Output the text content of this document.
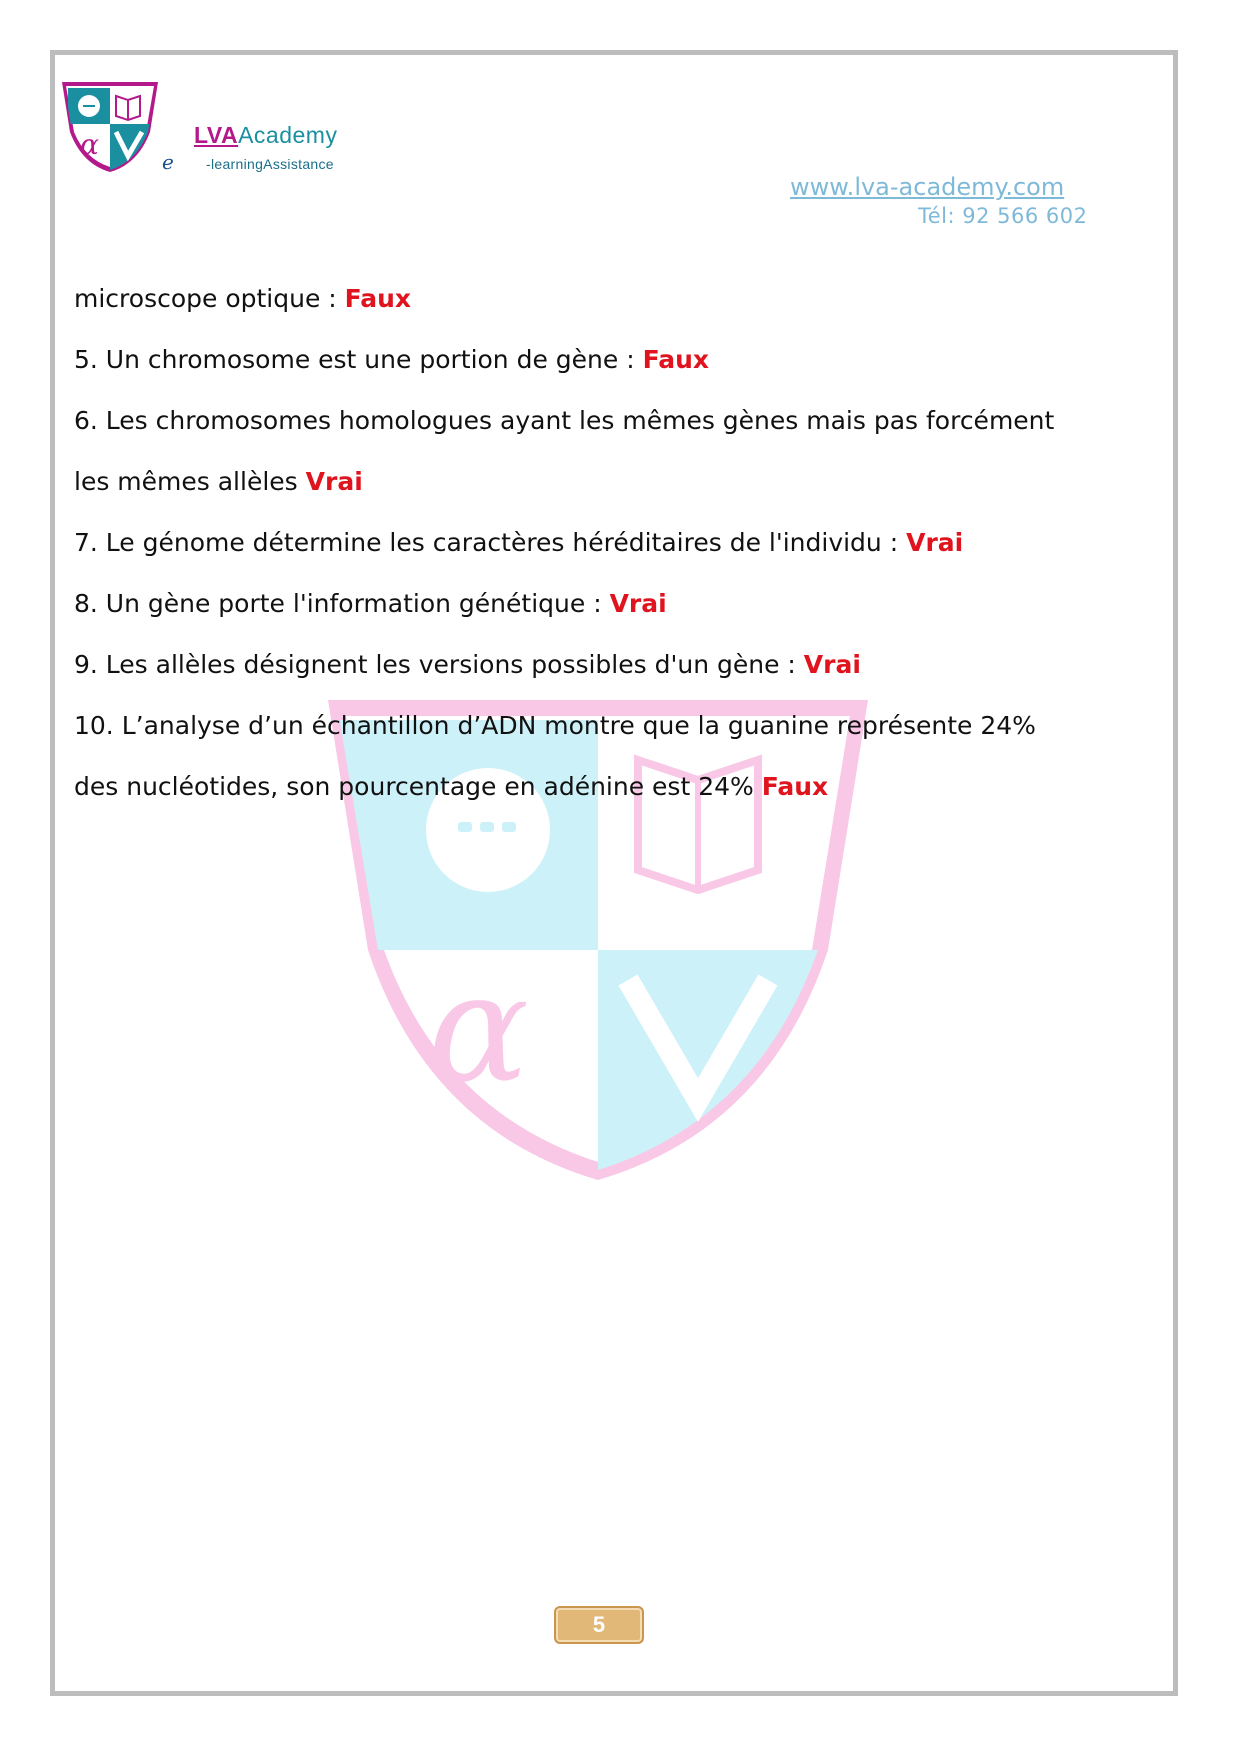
α	LVAAcademy
e -learningAssistance
www.lva-academy.com
Tél: 92 566 602
α
microscope optique : Faux
5. Un chromosome est une portion de gène : Faux
6. Les chromosomes homologues ayant les mêmes gènes mais pas forcément
les mêmes allèles Vrai
7. Le génome détermine les caractères héréditaires de l'individu : Vrai
8. Un gène porte l'information génétique : Vrai
9. Les allèles désignent les versions possibles d'un gène : Vrai
10. L’analyse d’un échantillon d’ADN montre que la guanine représente 24%
des nucléotides, son pourcentage en adénine est 24% Faux
5
